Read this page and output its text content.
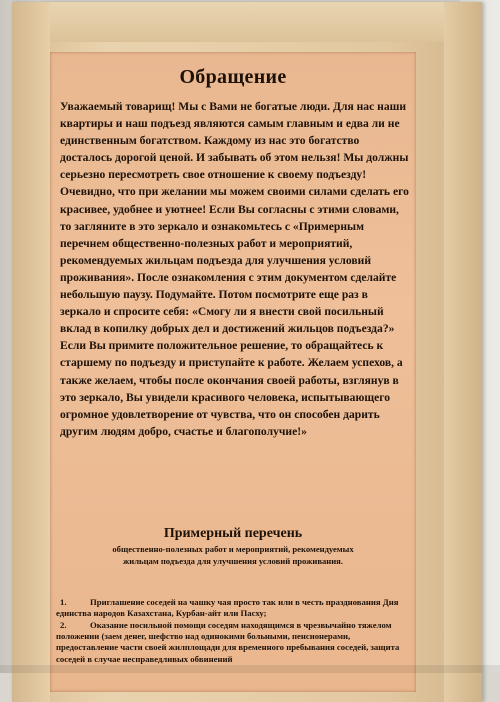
Обращение

Уважаемый товарищ! Мы с Вами не богатые люди. Для нас наши квартиры и наш подъезд являются самым главным и едва ли не единственным богатством. Каждому из нас это богатство досталось дорогой ценой. И забывать об этом нельзя! Мы должны серьезно пересмотреть свое отношение к своему подъезду! Очевидно, что при желании мы можем своими силами сделать его красивее, удобнее и уютнее! Если Вы согласны с этими словами, то загляните в это зеркало и ознакомьтесь с «Примерным перечнем общественно-полезных работ и мероприятий, рекомендуемых жильцам подъезда для улучшения условий проживания». После ознакомления с этим документом сделайте небольшую паузу. Подумайте. Потом посмотрите еще раз в зеркало и спросите себя: «Смогу ли я внести свой посильный вклад в копилку добрых дел и достижений жильцов подъезда?» Если Вы примите положительное решение, то обращайтесь к старшему по подъезду и приступайте к работе. Желаем успехов, а также желаем, чтобы после окончания своей работы, взглянув в это зеркало, Вы увидели красивого человека, испытывающего огромное удовлетворение от чувства, что он способен дарить другим людям добро, счастье и благополучие!»

Примерный перечень

общественно-полезных работ и мероприятий, рекомендуемых жильцам подъезда для улучшения условий проживания.

1.	Приглашение соседей на чашку чая просто так или в честь празднования Дня единства народов Казахстана, Курбан-айт или Пасху;

2.	Оказание посильной помощи соседям находящимся в чрезвычайно тяжелом положении (заем денег, шефство над одинокими больными, пенсионерами, предоставление части своей жилплощади для временного пребывания соседей, защита соседей в случае несправедливых обвинений
